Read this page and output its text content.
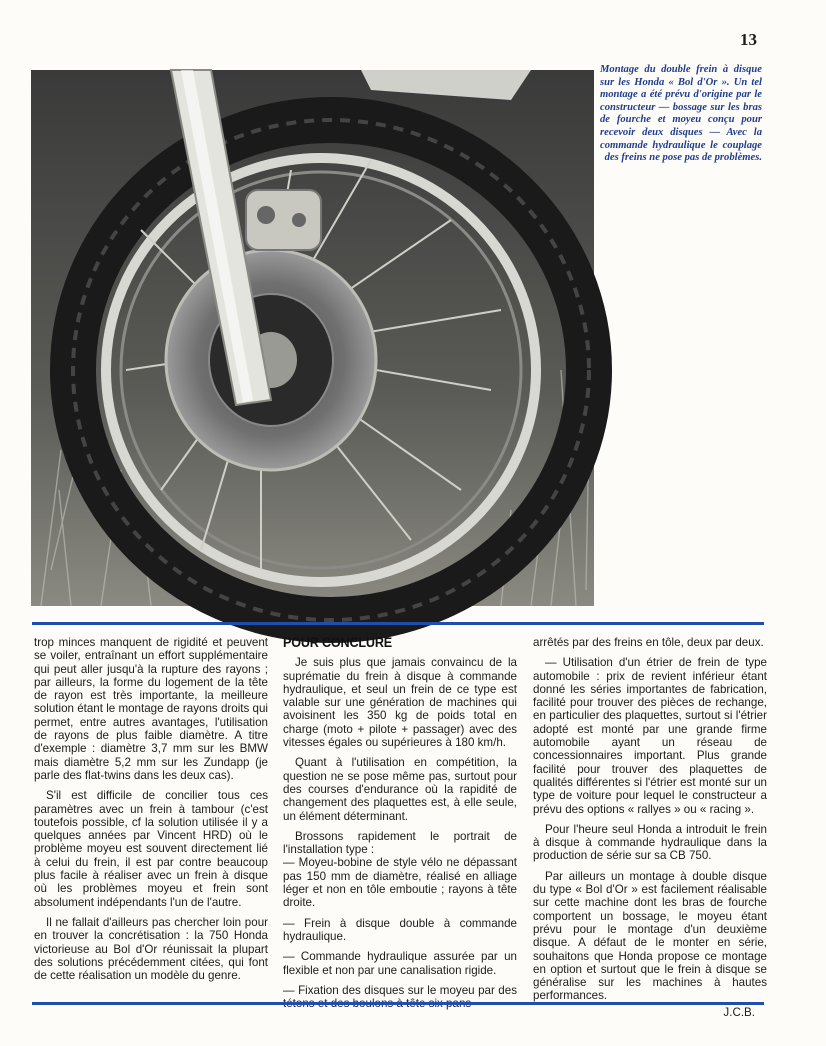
13
Montage du double frein à disque sur les Honda « Bol d'Or ». Un tel montage a été prévu d'origine par le constructeur — bossage sur les bras de fourche et moyeu conçu pour recevoir deux disques — Avec la commande hydraulique le couplage des freins ne pose pas de problèmes.

trop minces manquent de rigidité et peuvent se voiler, entraînant un effort supplémentaire qui peut aller jusqu'à la rupture des rayons ; par ailleurs, la forme du logement de la tête de rayon est très importante, la meilleure solution étant le montage de rayons droits qui permet, entre autres avantages, l'utilisation de rayons de plus faible diamètre. A titre d'exemple : diamètre 3,7 mm sur les BMW mais diamètre 5,2 mm sur les Zundapp (je parle des flat-twins dans les deux cas).

S'il est difficile de concilier tous ces paramètres avec un frein à tambour (c'est toutefois possible, cf la solution utilisée il y a quelques années par Vincent HRD) où le problème moyeu est souvent directement lié à celui du frein, il est par contre beaucoup plus facile à réaliser avec un frein à disque où les problèmes moyeu et frein sont absolument indépendants l'un de l'autre.

Il ne fallait d'ailleurs pas chercher loin pour en trouver la concrétisation : la 750 Honda victorieuse au Bol d'Or réunissait la plupart des solutions précédemment citées, qui font de cette réalisation un modèle du genre.

POUR CONCLURE

Je suis plus que jamais convaincu de la suprématie du frein à disque à commande hydraulique, et seul un frein de ce type est valable sur une génération de machines qui avoisinent les 350 kg de poids total en charge (moto + pilote + passager) avec des vitesses égales ou supérieures à 180 km/h.

Quant à l'utilisation en compétition, la question ne se pose même pas, surtout pour des courses d'endurance où la rapidité de changement des plaquettes est, à elle seule, un élément déterminant.

Brossons rapidement le portrait de l'installation type :

— Moyeu-bobine de style vélo ne dépassant pas 150 mm de diamètre, réalisé en alliage léger et non en tôle emboutie ; rayons à tête droite.

— Frein à disque double à commande hydraulique.

— Commande hydraulique assurée par un flexible et non par une canalisation rigide.

— Fixation des disques sur le moyeu par des

arrêtés par des freins en tôle, deux par deux.

— Utilisation d'un étrier de frein de type automobile : prix de revient inférieur étant donné les séries importantes de fabrication, facilité pour trouver des pièces de rechange, en particulier des plaquettes, surtout si l'étrier adopté est monté par une grande firme automobile ayant un réseau de concessionnaires important. Plus grande facilité pour trouver des plaquettes de qualités différentes si l'étrier est monté sur un type de voiture pour lequel le constructeur a prévu des options « rallyes » ou « racing ».

Pour l'heure seul Honda a introduit le frein à disque à commande hydraulique dans la production de série sur sa CB 750.

Par ailleurs un montage à double disque du type « Bol d'Or » est facilement réalisable sur cette machine dont les bras de fourche comportent un bossage, le moyeu étant prévu pour le montage d'un deuxième disque. A défaut de le monter en série, souhaitons que Honda propose ce montage en option et surtout que le frein à disque se généralise sur les machines à hautes performances.

J.C.B.
